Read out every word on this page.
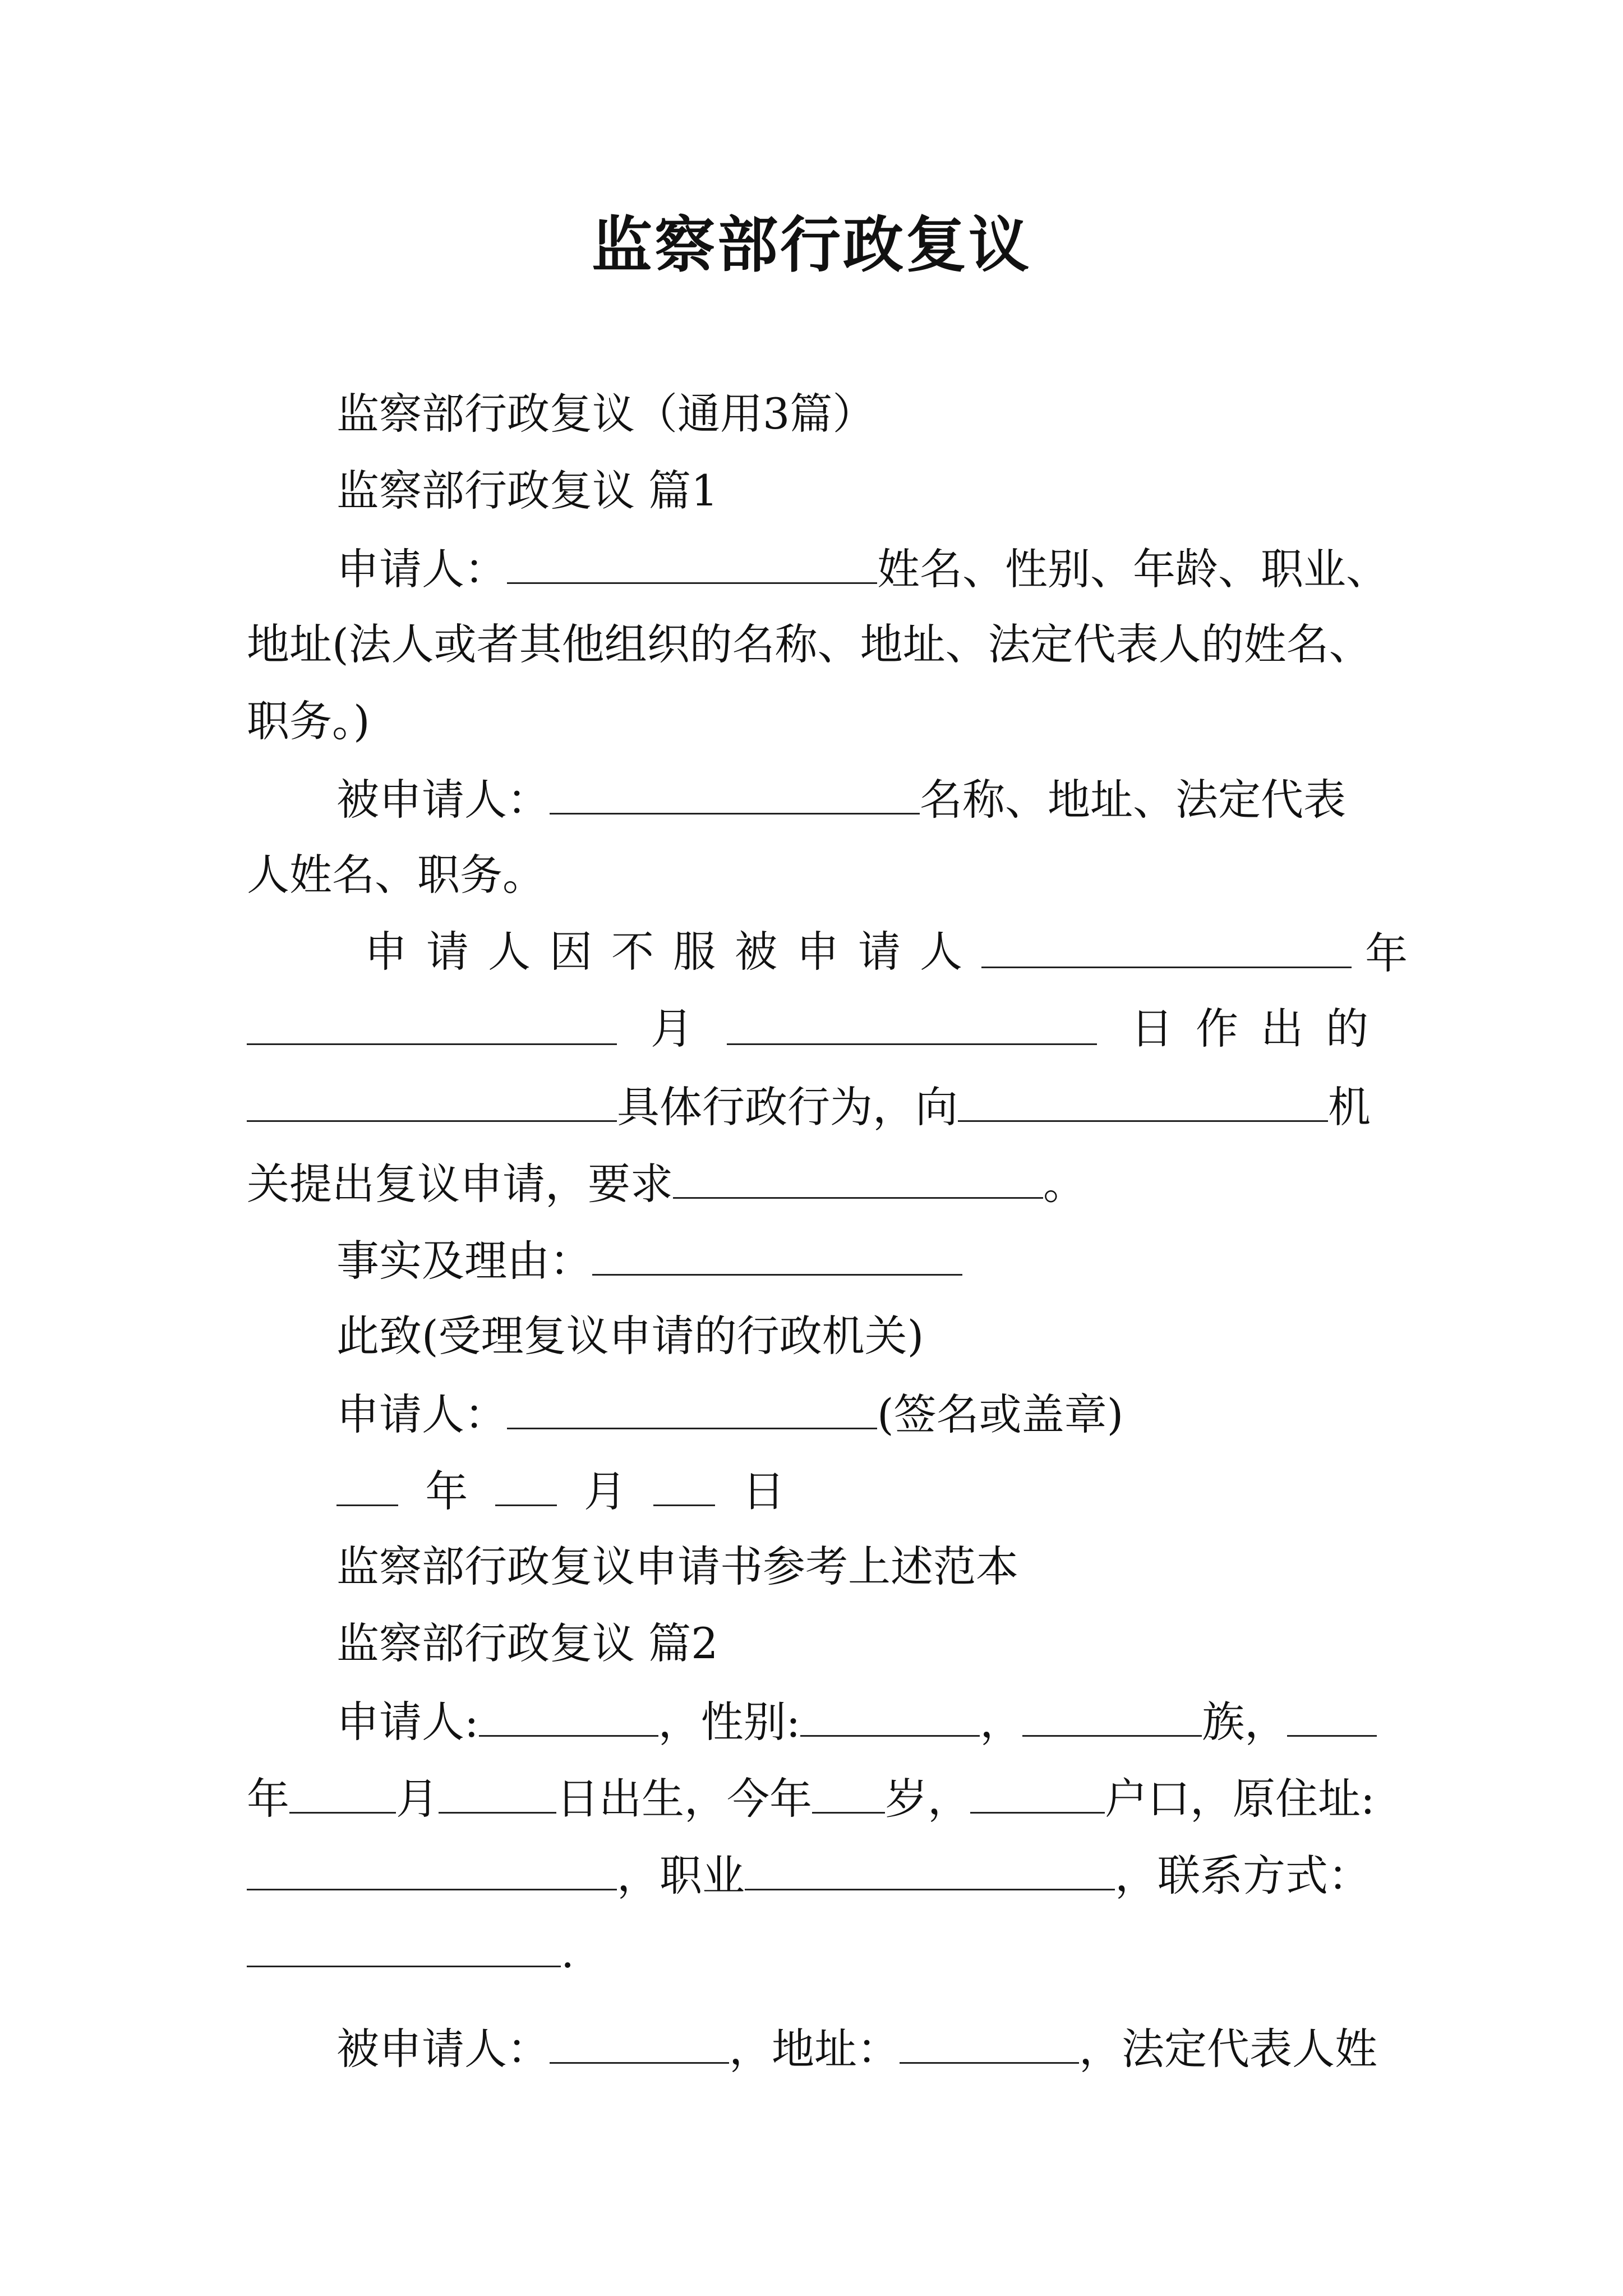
监察部行政复议
监察部行政复议（通用3篇）
监察部行政复议 篇1
申请人：	姓名、性别、年龄、职业、
地址(法人或者其他组织的名称、地址、法定代表人的姓名、
职务。)
被申请人：	名称、地址、法定代表
人姓名、职务。
申请人因不服被申请人	年
月	日作出的
具体行政行为，向	机
关提出复议申请，要求	。
事实及理由：
此致(受理复议申请的行政机关)
申请人：	(签名或盖章)
年	月	日
监察部行政复议申请书参考上述范本
监察部行政复议 篇2
申请人:	，性别:	，	族，
年	月	日出生，今年 岁，	户口，原住址:
，职业	，联系方式：
.
被申请人：	，地址：	，法定代表人姓
